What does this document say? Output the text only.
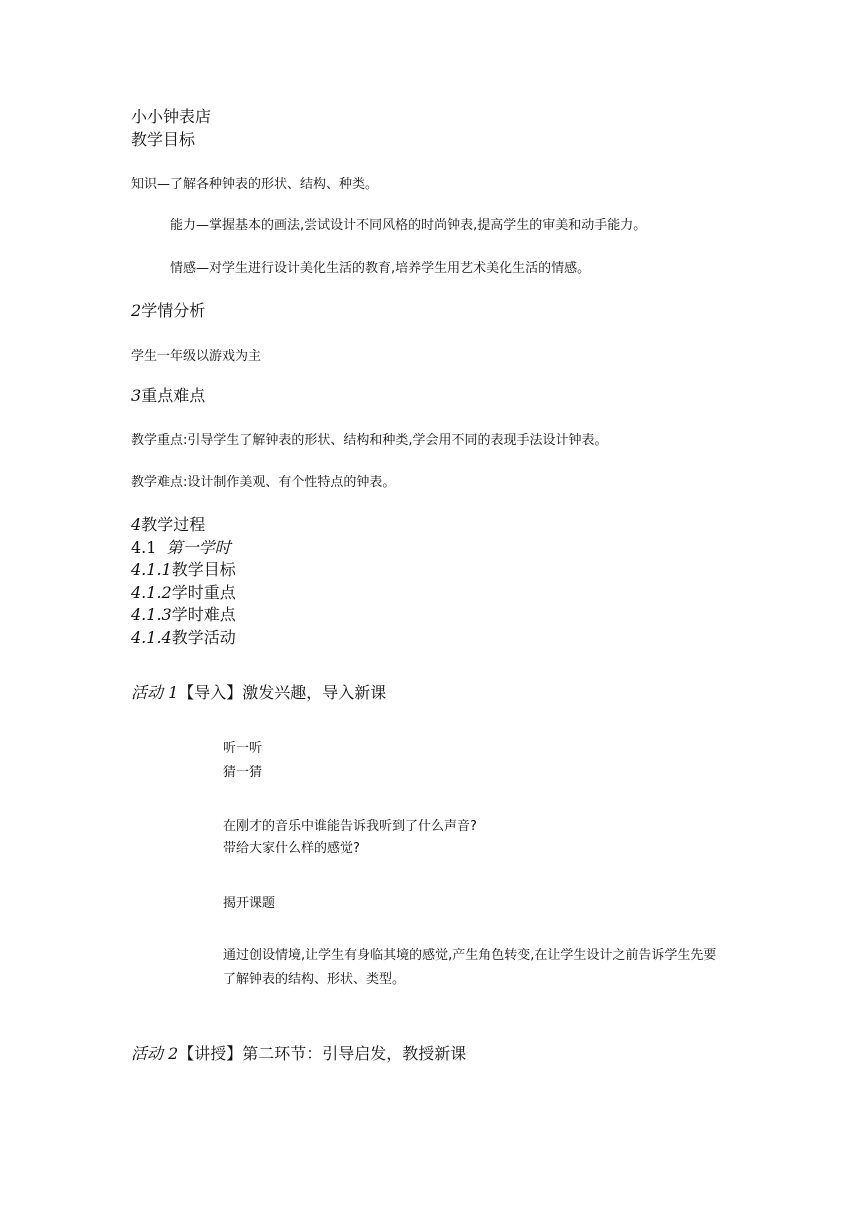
小小钟表店
教学目标
知识—了解各种钟表的形状、结构、种类。
能力—掌握基本的画法,尝试设计不同风格的时尚钟表,提高学生的审美和动手能力。
情感—对学生进行设计美化生活的教育,培养学生用艺术美化生活的情感。
2学情分析
学生一年级以游戏为主
3重点难点
教学重点:引导学生了解钟表的形状、结构和种类,学会用不同的表现手法设计钟表。
教学难点:设计制作美观、有个性特点的钟表。
4教学过程
4.1 第一学时
4.1.1教学目标
4.1.2学时重点
4.1.3学时难点
4.1.4教学活动
活动 1【导入】激发兴趣，导入新课
听一听
猜一猜
在刚才的音乐中谁能告诉我听到了什么声音?
带给大家什么样的感觉?
揭开课题
通过创设情境,让学生有身临其境的感觉,产生角色转变,在让学生设计之前告诉学生先要了解钟表的结构、形状、类型。
活动 2【讲授】第二环节：引导启发，教授新课
